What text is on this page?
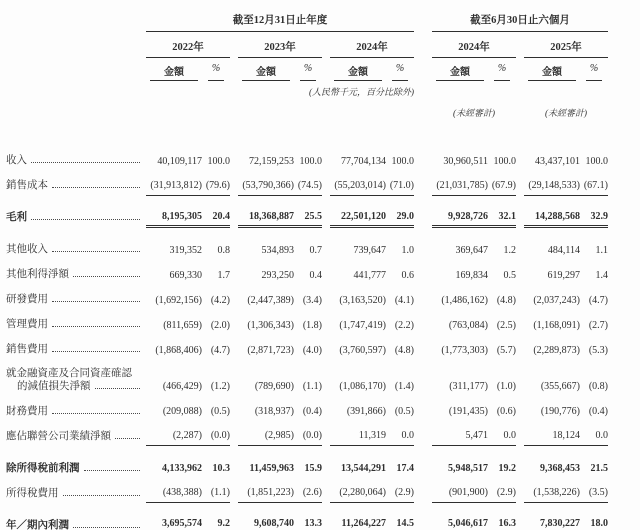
截至12月31日止年度	截至6月30日止六個月
2022年	2023年	2024年	2024年	2025年
金額	%	金額	%	金額	%	金額	%	金額	%
(人民幣千元，百分比除外)
(未經審計)	(未經審計)
收入	40,109,117 100.0	72,159,253 100.0	77,704,134 100.0	30,960,511 100.0	43,437,101 100.0
銷售成本	(31,913,812) (79.6)	(53,790,366) (74.5)	(55,203,014) (71.0)	(21,031,785) (67.9)	(29,148,533) (67.1)
毛利	8,195,305	20.4	18,368,887	25.5	22,501,120	29.0	9,928,726	32.1	14,288,568	32.9
其他收入	319,352	0.8	534,893	0.7	739,647	1.0	369,647	1.2	484,114	1.1
其他利得淨額	669,330	1.7	293,250	0.4	441,777	0.6	169,834	0.5	619,297	1.4
研發費用	(1,692,156) (4.2)	(2,447,389) (3.4)	(3,163,520) (4.1)	(1,486,162) (4.8)	(2,037,243) (4.7)
管理費用	(811,659) (2.0)	(1,306,343) (1.8)	(1,747,419) (2.2)	(763,084) (2.5)	(1,168,091) (2.7)
銷售費用	(1,868,406) (4.7)	(2,871,723) (4.0)	(3,760,597) (4.8)	(1,773,303) (5.7)	(2,289,873) (5.3)
就金融資產及合同資產確認
的減值損失淨額	(466,429) (1.2)	(789,690) (1.1)	(1,086,170) (1.4)	(311,177) (1.0)	(355,667) (0.8)
財務費用	(209,088) (0.5)	(318,937) (0.4)	(391,866) (0.5)	(191,435) (0.6)	(190,776) (0.4)
應佔聯營公司業績淨額	(2,287) (0.0)	(2,985) (0.0)	11,319	0.0	5,471	0.0	18,124	0.0
除所得稅前利潤	4,133,962	10.3	11,459,963	15.9	13,544,291	17.4	5,948,517	19.2	9,368,453	21.5
所得稅費用	(438,388) (1.1)	(1,851,223) (2.6)	(2,280,064) (2.9)	(901,900) (2.9)	(1,538,226) (3.5)
年／期內利潤	3,695,574	9.2	9,608,740	13.3	11,264,227	14.5	5,046,617	16.3	7,830,227	18.0
